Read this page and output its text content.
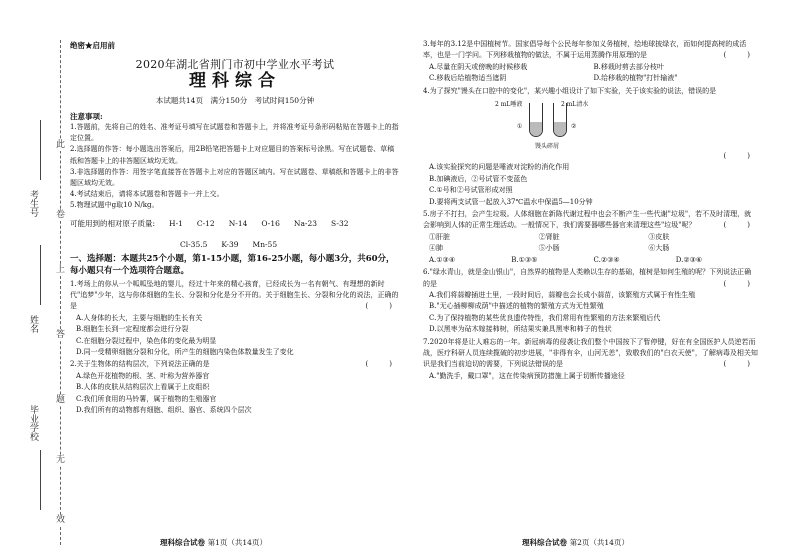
此
卷
上
答
题
无
效
考生号
姓名
毕业学校
绝密★启用前
2020年湖北省荆门市初中学业水平考试
理科综合
本试题共14页　满分150分　考试时间150分钟
注意事项:

1.答题前，先将自己的姓名、准考证号填写在试题卷和答题卡上，并将准考证号条形码粘贴在答题卡上的指定位置。

2.选择题的作答：每小题选出答案后，用2B铅笔把答题卡上对应题目的答案标号涂黑。写在试题卷、草稿纸和答题卡上的非答题区域均无效。

3.非选择题的作答：用签字笔直接答在答题卡上对应的答题区域内。写在试题卷、草稿纸和答题卡上的非答题区域均无效。

4.考试结束后，请将本试题卷和答题卡一并上交。

5.物理试题中g取10 N/kg。

可能用到的相对原子质量: H-1 C-12 N-14 O-16 Na-23 S-32
Cl-35.5 K-39 Mn-55
一、选择题：本题共25个小题，第1-15小题，第16-25小题，每小题3分，共60分，每小题只有一个选项符合题意。
1.考场上的你从一个呱呱坠地的婴儿，经过十年来的精心孩育，已经成长为一名有朝气、有理想的新时代"追梦"少年，这与你体细胞的生长、分裂和分化是分不开的。关于细胞生长、分裂和分化的说法，正确的是	(　　　)
A.人身体的长大，主要与细胞的生长有关
B.细胞生长到一定程度都会进行分裂
C.在细胞分裂过程中，染色体的变化最为明显
D.同一受精卵细胞分裂和分化，所产生的细胞内染色体数量发生了变化
2.关于生物体的结构层次，下列说法正确的是	(　　　)
A.绿色开花植物的根、茎、叶称为营养器官
B.人体的皮肤从结构层次上看属于上皮组织
C.我们所食用的马铃薯，属于植物的生殖器官
D.我们所有的动物都有细胞、组织、器官、系统四个层次
理科综合试卷 第1页（共14页）
3.每年的3.12是中国植树节。国家倡导每个公民每年参加义务植树，绘地球披绿衣，而如何提高树的成活率，也是一门学问。下列移栽植物的做法，不属于运用蒸腾作用原理的是	(　　　)
A.尽量在阴天或傍晚的时候移栽	B.移栽时剪去部分枝叶
C.移栽后给植物适当遮阴	D.给移栽的植物"打针输液"
4.为了探究"馒头在口腔中的变化"，某兴趣小组设计了如下实验，关于该实验的说法，错误的是
2 mL唾液	2 mL清水
①	②
馒头碎屑
(　　　)
A.该实验探究的问题是唾液对淀粉的消化作用
B.加碘液后，②号试管不变蓝色
C.①号和②号试管形成对照
D.要将两支试管一起放入37℃温水中保温5—10分钟
5.房子不打扫，会产生垃圾。人体细胞在新陈代谢过程中也会不断产生一些代谢"垃圾"，若不及时清理，就会影响到人体的正常生理活动。一般情况下，我们需要器哪些器官来清理这些"垃圾"呢？	(　　　)
①肝脏	②肾脏	③皮肤
④肺	⑤小肠	⑥大肠
A.①③④	B.①③⑤	C.②③④	D.②③⑥
6."绿水青山，就是金山银山"，自然界的植物是人类赖以生存的基础，植树是如何生殖的呢？下列说法正确的是	(　　　)
A.我们将蒜瓣插进土里，一段时间后，蒜瓣也会长成小蒜苗，该繁殖方式属于有性生殖
B."无心插柳柳成荫"中描述的植物的繁殖方式为无性繁殖
C.为了保持植物的某些优良遗传特性，我们常用有性繁殖的方法来繁殖后代
D.以黑枣为砧木嫁接柿树，所结果实兼具黑枣和柿子的性状
7.2020年将是让人难忘的一年。新冠病毒的侵袭让我们整个中国按下了暂停键，好在有全国医护人员逆若而战，医疗科研人员连续揽破的初步进展，"非得有伞，山河无恙"，致敬我们的"白衣天使"，了解病毒及相关知识是我们当前迫切的需要，下列说法错误的是	(　　　)
A."勤洗手，戴口罩"，这在传染病预防措施上属于切断传播途径
理科综合试卷 第2页（共14页）
